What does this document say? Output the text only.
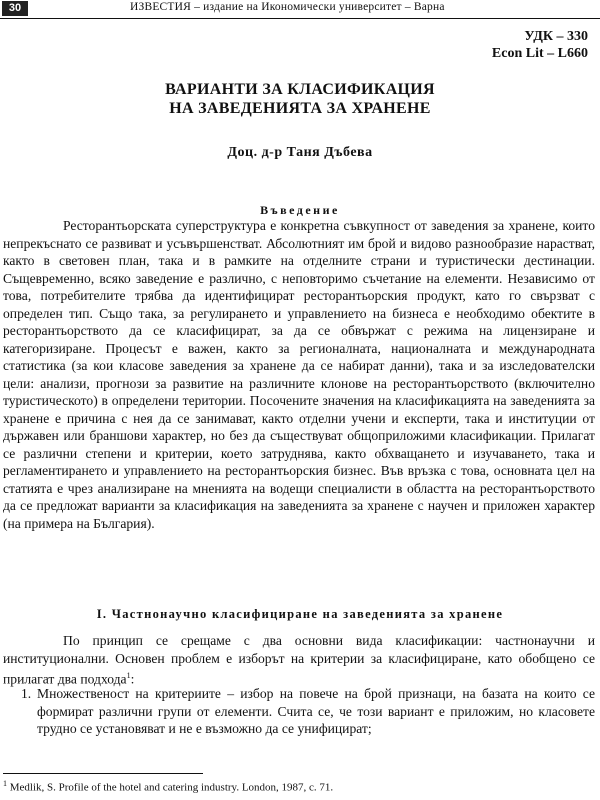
30	ИЗВЕСТИЯ – издание на Икономически университет – Варна
УДК – 330
Econ Lit – L660
ВАРИАНТИ ЗА КЛАСИФИКАЦИЯ
НА ЗАВЕДЕНИЯТА ЗА ХРАНЕНЕ
Доц. д-р Таня Дъбева
Въведение

Ресторантьорската суперструктура е конкретна съвкупност от заведения за хранене, които непрекъснато се развиват и усъвършенстват. Абсолютният им брой и видово разнообразие нарастват, както в световен план, така и в рамките на отделните страни и туристически дестинации. Същевременно, всяко заведение е различно, с неповторимо съчетание на елементи. Независимо от това, потребителите трябва да идентифицират ресторантьорския продукт, като го свързват с определен тип. Също така, за регулирането и управлението на бизнеса е необходимо обектите в ресторантьорството да се класифицират, за да се обвържат с режима на лицензиране и категоризиране. Процесът е важен, както за регионалната, националната и международната статистика (за кои класове заведения за хранене да се набират данни), така и за изследователски цели: анализи, прогнози за развитие на различните клонове на ресторантьорството (включително туристическото) в определени територии. Посочените значения на класификацията на заведенията за хранене е причина с нея да се занимават, както отделни учени и експерти, така и институции от държавен или браншови характер, но без да съществуват общоприложими класификации. Прилагат се различни степени и критерии, което затруднява, както обхващането и изучаването, така и регламентирането и управлението на ресторантьорския бизнес. Във връзка с това, основната цел на статията е чрез анализиране на мненията на водещи специалисти в областта на ресторантьорството да се предложат варианти за класификация на заведенията за хранене с научен и приложен характер (на примера на България).

I. Частнонаучно класифициране на заведенията за хранене

По принцип се срещаме с два основни вида класификации: частнонаучни и институционални. Основен проблем е изборът на критерии за класифициране, като обобщено се прилагат два подхода$^1$:

1. Множественост на критериите – избор на повече на брой признаци, на базата на които се формират различни групи от елементи. Счита се, че този вариант е приложим, но класовете трудно се установяват и не е възможно да се унифицират;
$^1$ Medlik, S. Profile of the hotel and catering industry. London, 1987, с. 71.
